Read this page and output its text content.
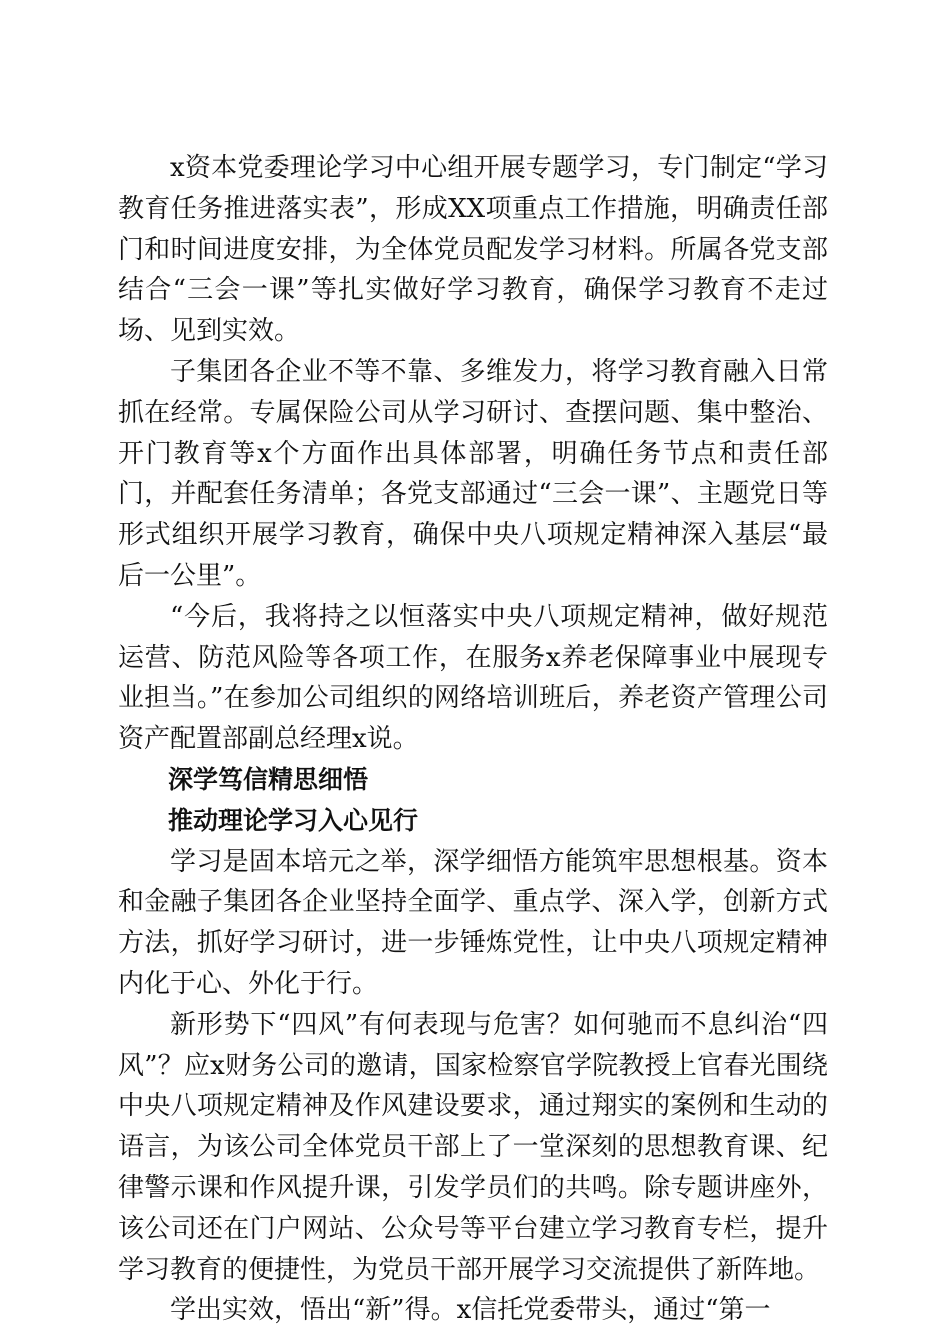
x资本党委理论学习中心组开展专题学习，专门制定“学习教育任务推进落实表”，形成XX项重点工作措施，明确责任部门和时间进度安排，为全体党员配发学习材料。所属各党支部结合“三会一课”等扎实做好学习教育，确保学习教育不走过场、见到实效。

子集团各企业不等不靠、多维发力，将学习教育融入日常抓在经常。专属保险公司从学习研讨、查摆问题、集中整治、开门教育等x个方面作出具体部署，明确任务节点和责任部门，并配套任务清单；各党支部通过“三会一课”、主题党日等形式组织开展学习教育，确保中央八项规定精神深入基层“最后一公里”。

“今后，我将持之以恒落实中央八项规定精神，做好规范运营、防范风险等各项工作，在服务x养老保障事业中展现专业担当。”在参加公司组织的网络培训班后，养老资产管理公司资产配置部副总经理x说。

深学笃信精思细悟

推动理论学习入心见行

学习是固本培元之举，深学细悟方能筑牢思想根基。资本和金融子集团各企业坚持全面学、重点学、深入学，创新方式方法，抓好学习研讨，进一步锤炼党性，让中央八项规定精神内化于心、外化于行。

新形势下“四风”有何表现与危害？如何驰而不息纠治“四风”？应x财务公司的邀请，国家检察官学院教授上官春光围绕中央八项规定精神及作风建设要求，通过翔实的案例和生动的语言，为该公司全体党员干部上了一堂深刻的思想教育课、纪律警示课和作风提升课，引发学员们的共鸣。除专题讲座外，该公司还在门户网站、公众号等平台建立学习教育专栏，提升学习教育的便捷性，为党员干部开展学习交流提供了新阵地。

学出实效，悟出“新”得。x信托党委带头，通过“第一
